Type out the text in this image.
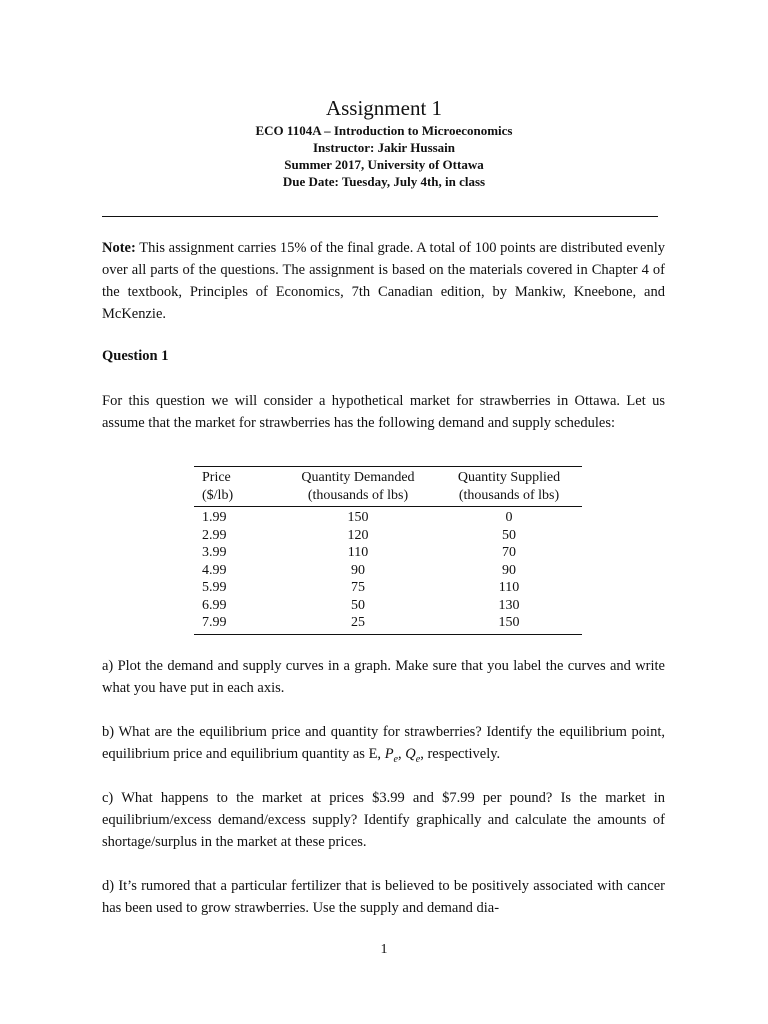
Assignment 1
ECO 1104A – Introduction to Microeconomics
Instructor: Jakir Hussain
Summer 2017, University of Ottawa
Due Date: Tuesday, July 4th, in class
Note: This assignment carries 15% of the final grade. A total of 100 points are distributed evenly over all parts of the questions. The assignment is based on the materials covered in Chapter 4 of the textbook, Principles of Economics, 7th Canadian edition, by Mankiw, Kneebone, and McKenzie.
Question 1
For this question we will consider a hypothetical market for strawberries in Ottawa. Let us assume that the market for strawberries has the following demand and supply schedules:
Price	Quantity Demanded	Quantity Supplied
($/lb)	(thousands of lbs)	(thousands of lbs)
1.99	150	0
2.99	120	50
3.99	110	70
4.99	90	90
5.99	75	110
6.99	50	130
7.99	25	150
a) Plot the demand and supply curves in a graph. Make sure that you label the curves and write what you have put in each axis.
b) What are the equilibrium price and quantity for strawberries? Identify the equilibrium point, equilibrium price and equilibrium quantity as E, $P_e$, $Q_e$, respectively.
c) What happens to the market at prices $3.99 and $7.99 per pound? Is the market in equilibrium/excess demand/excess supply? Identify graphically and calculate the amounts of shortage/surplus in the market at these prices.
d) It’s rumored that a particular fertilizer that is believed to be positively associated with cancer has been used to grow strawberries. Use the supply and demand dia-
1
